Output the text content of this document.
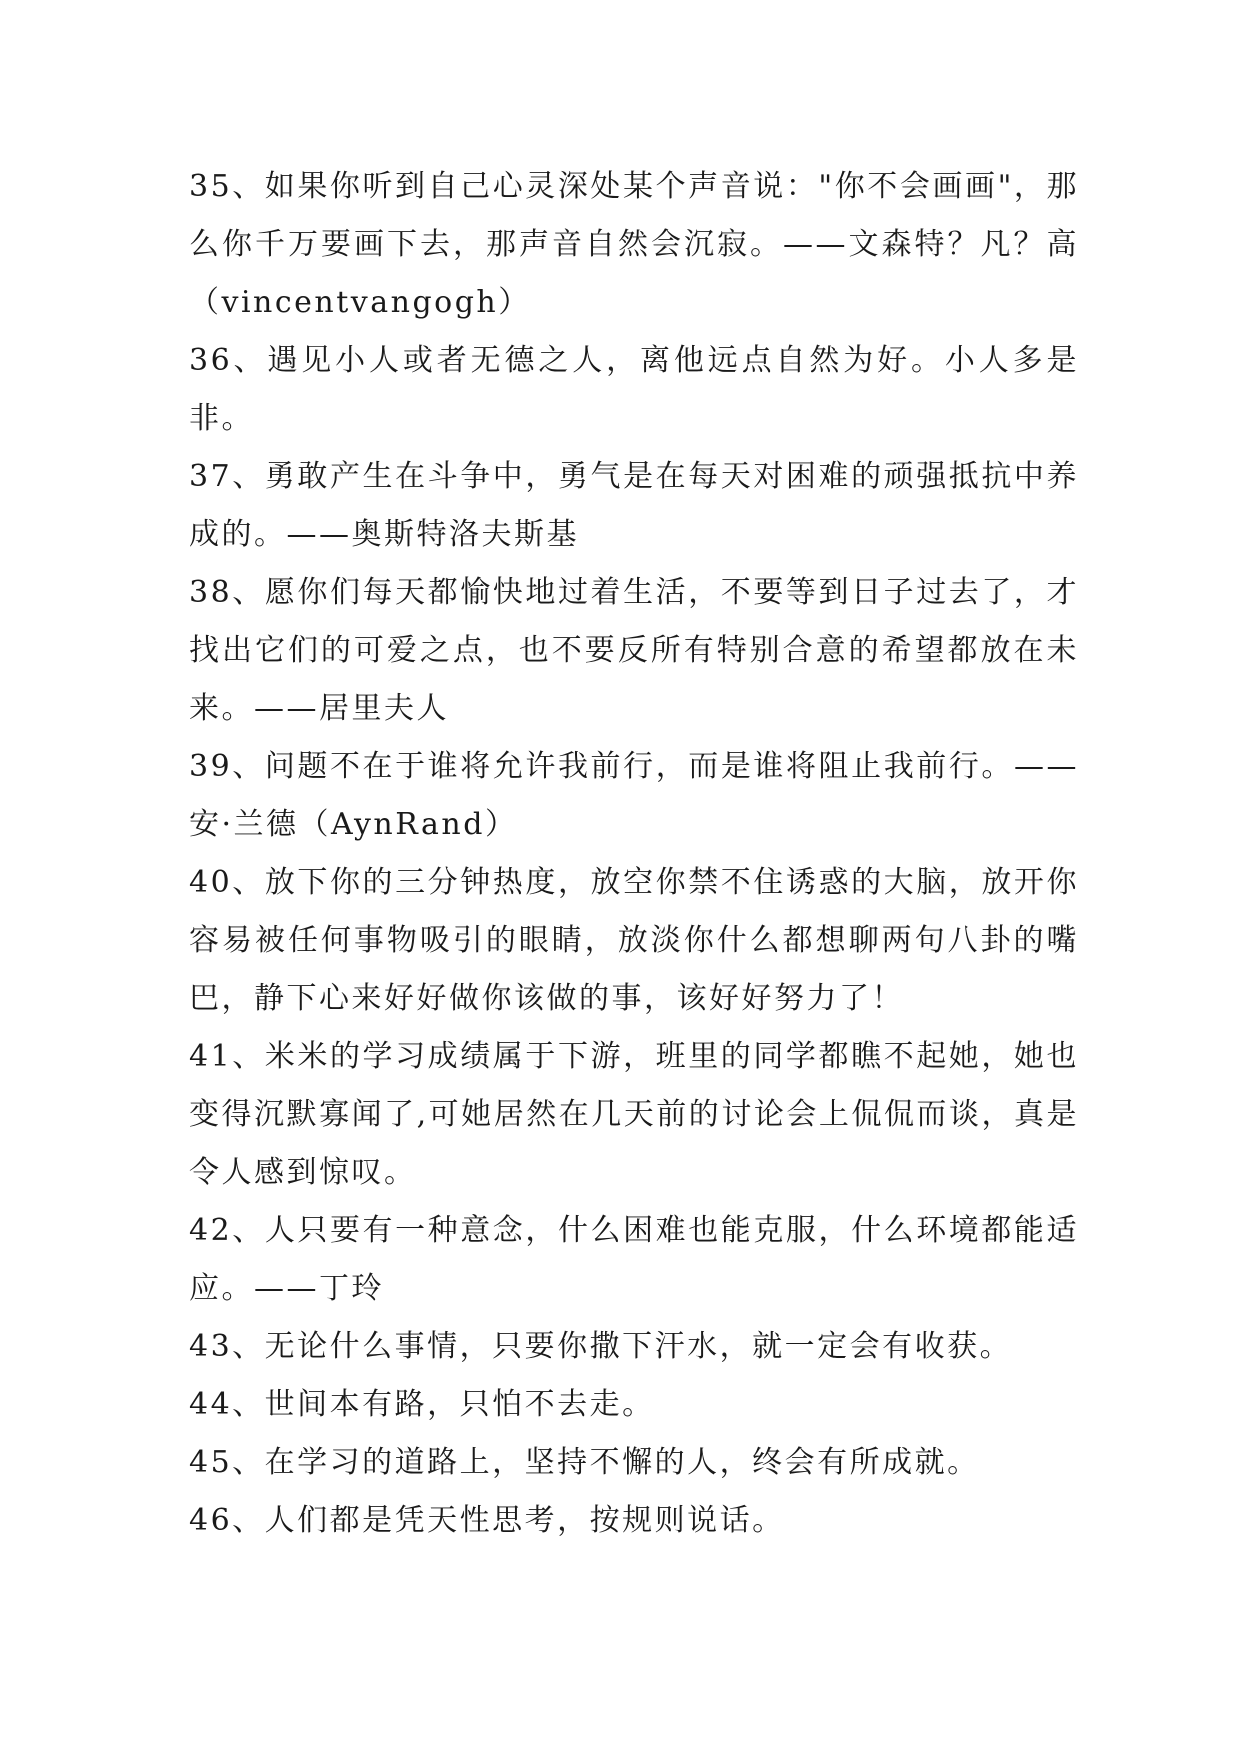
35、如果你听到自己心灵深处某个声音说："你不会画画"，那么你千万要画下去，那声音自然会沉寂。——文森特？凡？高（vincentvangogh）

36、遇见小人或者无德之人，离他远点自然为好。小人多是非。

37、勇敢产生在斗争中，勇气是在每天对困难的顽强抵抗中养成的。——奥斯特洛夫斯基

38、愿你们每天都愉快地过着生活，不要等到日子过去了，才找出它们的可爱之点，也不要反所有特别合意的希望都放在未来。——居里夫人

39、问题不在于谁将允许我前行，而是谁将阻止我前行。——安·兰德（AynRand）

40、放下你的三分钟热度，放空你禁不住诱惑的大脑，放开你容易被任何事物吸引的眼睛，放淡你什么都想聊两句八卦的嘴巴，静下心来好好做你该做的事，该好好努力了！

41、米米的学习成绩属于下游，班里的同学都瞧不起她，她也变得沉默寡闻了,可她居然在几天前的讨论会上侃侃而谈，真是令人感到惊叹。

42、人只要有一种意念，什么困难也能克服，什么环境都能适应。——丁玲

43、无论什么事情，只要你撒下汗水，就一定会有收获。

44、世间本有路，只怕不去走。

45、在学习的道路上，坚持不懈的人，终会有所成就。

46、人们都是凭天性思考，按规则说话。
